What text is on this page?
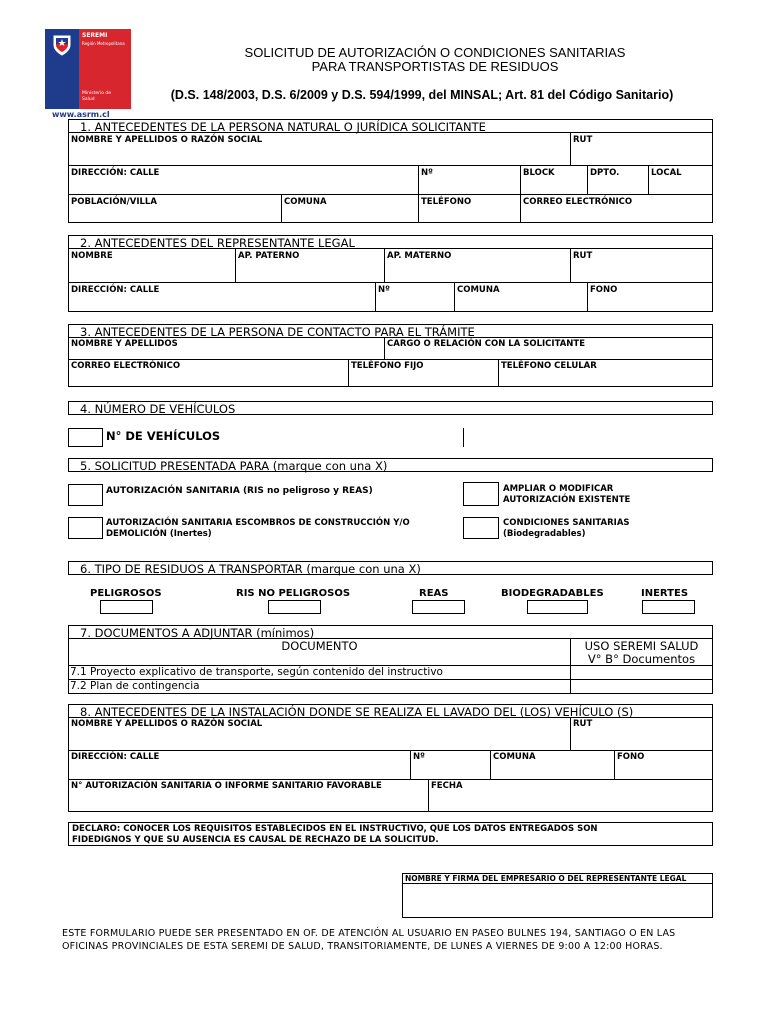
SEREMI
Región Metropolitana
Ministerio de Salud
www.asrm.cl
SOLICITUD DE AUTORIZACIÓN O CONDICIONES SANITARIAS
PARA TRANSPORTISTAS DE RESIDUOS
(D.S. 148/2003, D.S. 6/2009 y D.S. 594/1999, del MINSAL; Art. 81 del Código Sanitario)
1. ANTECEDENTES DE LA PERSONA NATURAL O JURÍDICA SOLICITANTE
NOMBRE Y APELLIDOS O RAZÓN SOCIAL	RUT
DIRECCIÓN: CALLE	Nº	BLOCK	DPTO.	LOCAL
POBLACIÓN/VILLA	COMUNA	TELÉFONO	CORREO ELECTRÓNICO
2. ANTECEDENTES DEL REPRESENTANTE LEGAL
NOMBRE	AP. PATERNO	AP. MATERNO	RUT
DIRECCIÓN: CALLE	Nº	COMUNA	FONO
3. ANTECEDENTES DE LA PERSONA DE CONTACTO PARA EL TRÁMITE
NOMBRE Y APELLIDOS	CARGO O RELACIÓN CON LA SOLICITANTE
CORREO ELECTRÓNICO	TELÉFONO FIJO	TELÉFONO CELULAR
4. NÚMERO DE VEHÍCULOS
N° DE VEHÍCULOS
5. SOLICITUD PRESENTADA PARA (marque con una X)
AUTORIZACIÓN SANITARIA (RIS no peligroso y REAS)	AMPLIAR O MODIFICAR
AUTORIZACIÓN EXISTENTE
AUTORIZACIÓN SANITARIA ESCOMBROS DE CONSTRUCCIÓN Y/O
DEMOLICIÓN (Inertes)
CONDICIONES SANITARIAS
(Biodegradables)
6. TIPO DE RESIDUOS A TRANSPORTAR (marque con una X)
PELIGROSOS	RIS NO PELIGROSOS	REAS	BIODEGRADABLES	INERTES
7. DOCUMENTOS A ADJUNTAR (mínimos)
DOCUMENTO	USO SEREMI SALUD
V° B° Documentos
7.1 Proyecto explicativo de transporte, según contenido del instructivo
7.2 Plan de contingencia
8. ANTECEDENTES DE LA INSTALACIÓN DONDE SE REALIZA EL LAVADO DEL (LOS) VEHÍCULO (S)
NOMBRE Y APELLIDOS O RAZÓN SOCIAL	RUT
DIRECCIÓN: CALLE	Nº	COMUNA	FONO
N° AUTORIZACIÓN SANITARIA O INFORME SANITARIO FAVORABLE	FECHA
DECLARO: CONOCER LOS REQUISITOS ESTABLECIDOS EN EL INSTRUCTIVO, QUE LOS DATOS ENTREGADOS SON
FIDEDIGNOS Y QUE SU AUSENCIA ES CAUSAL DE RECHAZO DE LA SOLICITUD.
NOMBRE Y FIRMA DEL EMPRESARIO O DEL REPRESENTANTE LEGAL
ESTE FORMULARIO PUEDE SER PRESENTADO EN OF. DE ATENCIÓN AL USUARIO EN PASEO BULNES 194, SANTIAGO O EN LAS
OFICINAS PROVINCIALES DE ESTA SEREMI DE SALUD, TRANSITORIAMENTE, DE LUNES A VIERNES DE 9:00 A 12:00 HORAS.
